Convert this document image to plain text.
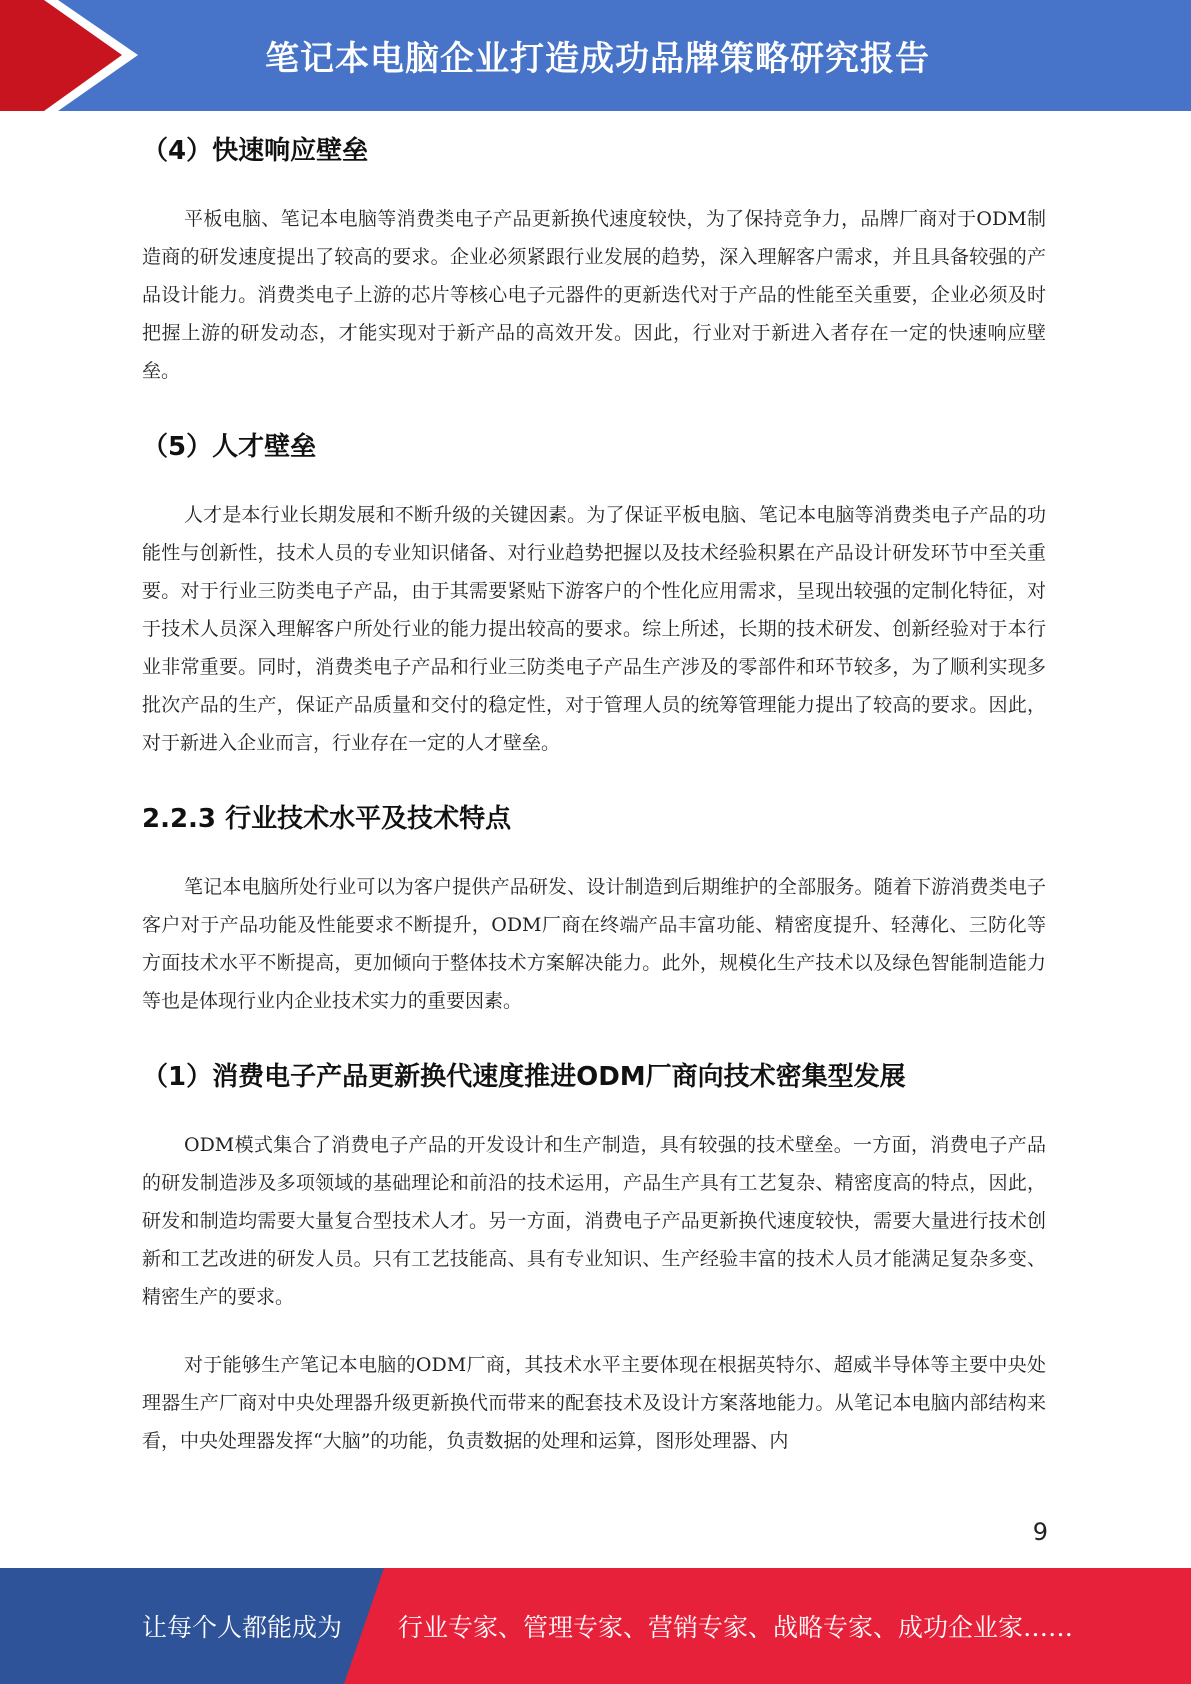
笔记本电脑企业打造成功品牌策略研究报告
（4）快速响应壁垒

平板电脑、笔记本电脑等消费类电子产品更新换代速度较快，为了保持竞争力，品牌厂商对于ODM制造商的研发速度提出了较高的要求。企业必须紧跟行业发展的趋势，深入理解客户需求，并且具备较强的产品设计能力。消费类电子上游的芯片等核心电子元器件的更新迭代对于产品的性能至关重要，企业必须及时把握上游的研发动态，才能实现对于新产品的高效开发。因此，行业对于新进入者存在一定的快速响应壁垒。

（5）人才壁垒

人才是本行业长期发展和不断升级的关键因素。为了保证平板电脑、笔记本电脑等消费类电子产品的功能性与创新性，技术人员的专业知识储备、对行业趋势把握以及技术经验积累在产品设计研发环节中至关重要。对于行业三防类电子产品，由于其需要紧贴下游客户的个性化应用需求，呈现出较强的定制化特征，对于技术人员深入理解客户所处行业的能力提出较高的要求。综上所述，长期的技术研发、创新经验对于本行业非常重要。同时，消费类电子产品和行业三防类电子产品生产涉及的零部件和环节较多，为了顺利实现多批次产品的生产，保证产品质量和交付的稳定性，对于管理人员的统筹管理能力提出了较高的要求。因此，对于新进入企业而言，行业存在一定的人才壁垒。

2.2.3 行业技术水平及技术特点

笔记本电脑所处行业可以为客户提供产品研发、设计制造到后期维护的全部服务。随着下游消费类电子客户对于产品功能及性能要求不断提升，ODM厂商在终端产品丰富功能、精密度提升、轻薄化、三防化等方面技术水平不断提高，更加倾向于整体技术方案解决能力。此外，规模化生产技术以及绿色智能制造能力等也是体现行业内企业技术实力的重要因素。

（1）消费电子产品更新换代速度推进ODM厂商向技术密集型发展

ODM模式集合了消费电子产品的开发设计和生产制造，具有较强的技术壁垒。一方面，消费电子产品的研发制造涉及多项领域的基础理论和前沿的技术运用，产品生产具有工艺复杂、精密度高的特点，因此，研发和制造均需要大量复合型技术人才。另一方面，消费电子产品更新换代速度较快，需要大量进行技术创新和工艺改进的研发人员。只有工艺技能高、具有专业知识、生产经验丰富的技术人员才能满足复杂多变、精密生产的要求。

对于能够生产笔记本电脑的ODM厂商，其技术水平主要体现在根据英特尔、超威半导体等主要中央处理器生产厂商对中央处理器升级更新换代而带来的配套技术及设计方案落地能力。从笔记本电脑内部结构来看，中央处理器发挥“大脑”的功能，负责数据的处理和运算，图形处理器、内

9
让每个人都能成为 行业专家、管理专家、营销专家、战略专家、成功企业家……
